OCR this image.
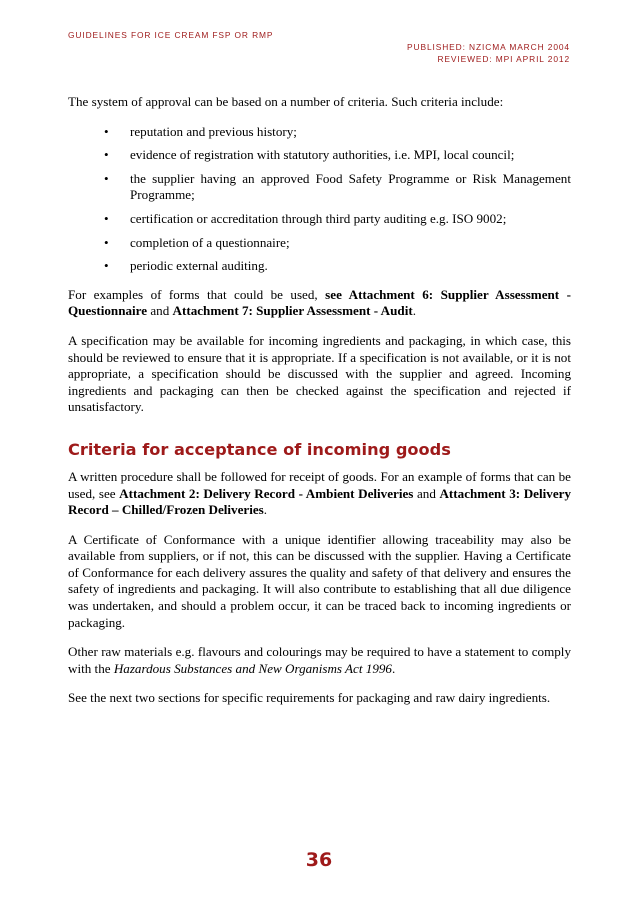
GUIDELINES FOR ICE CREAM FSP OR RMP
PUBLISHED: NZICMA MARCH 2004
REVIEWED: MPI APRIL 2012

The system of approval can be based on a number of criteria. Such criteria include:

• reputation and previous history;
• evidence of registration with statutory authorities, i.e. MPI, local council;
• the supplier having an approved Food Safety Programme or Risk Management Programme;
• certification or accreditation through third party auditing e.g. ISO 9002;
• completion of a questionnaire;
• periodic external auditing.

For examples of forms that could be used, see Attachment 6: Supplier Assessment - Questionnaire and Attachment 7: Supplier Assessment - Audit.

A specification may be available for incoming ingredients and packaging, in which case, this should be reviewed to ensure that it is appropriate. If a specification is not available, or it is not appropriate, a specification should be discussed with the supplier and agreed. Incoming ingredients and packaging can then be checked against the specification and rejected if unsatisfactory.

Criteria for acceptance of incoming goods

A written procedure shall be followed for receipt of goods. For an example of forms that can be used, see Attachment 2: Delivery Record - Ambient Deliveries and Attachment 3: Delivery Record – Chilled/Frozen Deliveries.

A Certificate of Conformance with a unique identifier allowing traceability may also be available from suppliers, or if not, this can be discussed with the supplier. Having a Certificate of Conformance for each delivery assures the quality and safety of that delivery and ensures the safety of ingredients and packaging. It will also contribute to establishing that all due diligence was undertaken, and should a problem occur, it can be traced back to incoming ingredients or packaging.

Other raw materials e.g. flavours and colourings may be required to have a statement to comply with the Hazardous Substances and New Organisms Act 1996.

See the next two sections for specific requirements for packaging and raw dairy ingredients.

36
